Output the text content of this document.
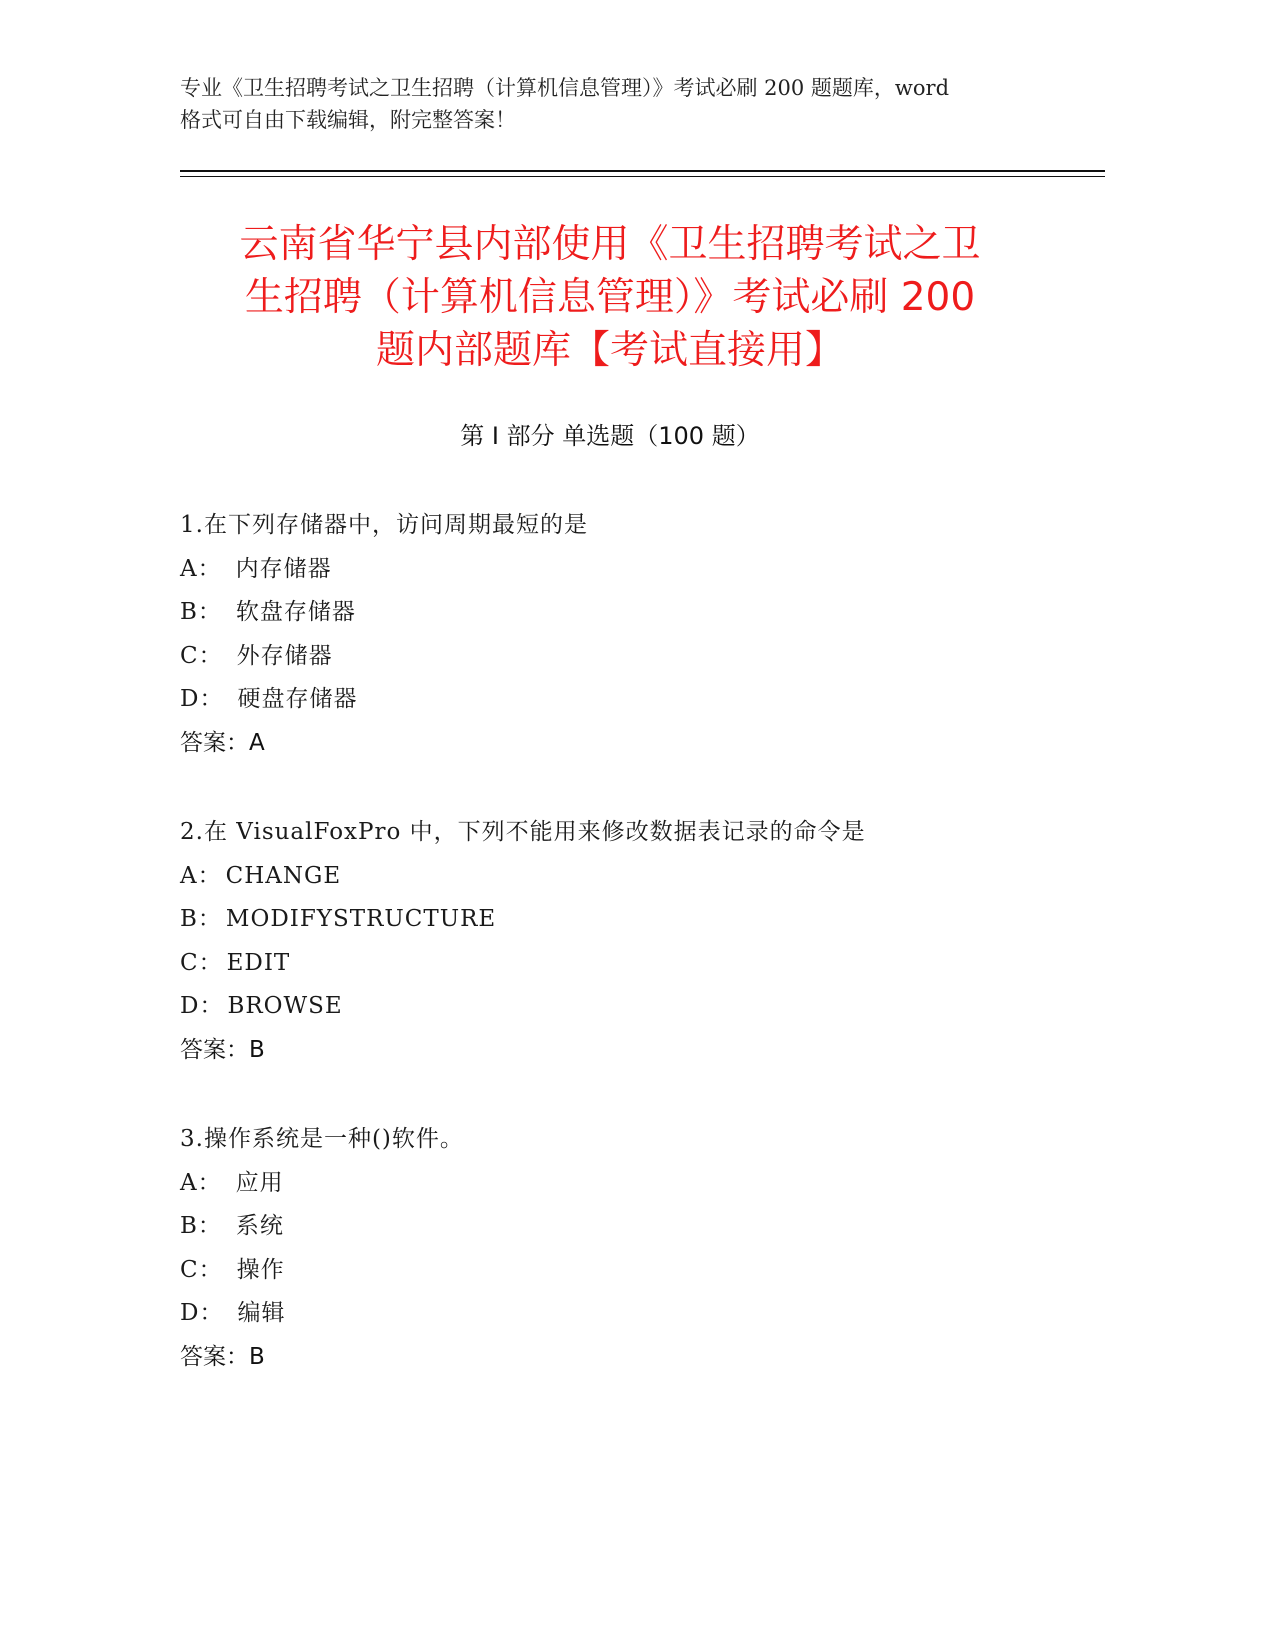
专业《卫生招聘考试之卫生招聘（计算机信息管理）》考试必刷 200 题题库，word
格式可自由下载编辑，附完整答案！
云南省华宁县内部使用《卫生招聘考试之卫
生招聘（计算机信息管理）》考试必刷 200
题内部题库【考试直接用】
第 I 部分 单选题（100 题）
1.在下列存储器中，访问周期最短的是
A： 内存储器
B： 软盘存储器
C： 外存储器
D： 硬盘存储器
答案：A
2.在 VisualFoxPro 中，下列不能用来修改数据表记录的命令是
A： CHANGE
B： MODIFYSTRUCTURE
C： EDIT
D： BROWSE
答案：B
3.操作系统是一种()软件。
A： 应用
B： 系统
C： 操作
D： 编辑
答案：B
